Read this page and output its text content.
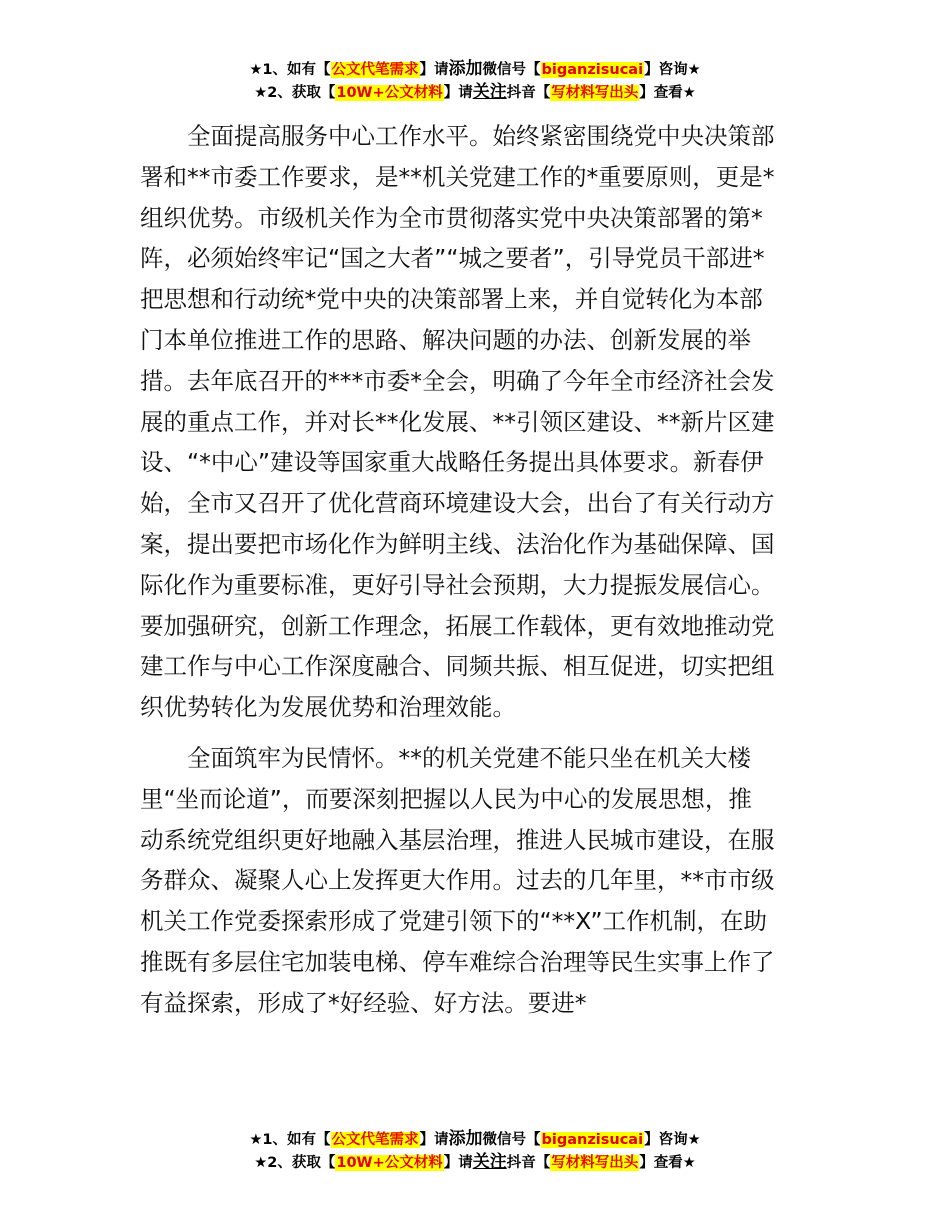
★1、如有【公文代笔需求】请添加微信号【biganzisucai】咨询★
★2、获取【10W+公文材料】请关注抖音【写材料写出头】查看★
全面提高服务中心工作水平。始终紧密围绕党中央决策部
署和**市委工作要求，是**机关党建工作的*重要原则，更是*
组织优势。市级机关作为全市贯彻落实党中央决策部署的第*
阵，必须始终牢记“国之大者”“城之要者”，引导党员干部进*
把思想和行动统*党中央的决策部署上来，并自觉转化为本部
门本单位推进工作的思路、解决问题的办法、创新发展的举
措。去年底召开的***市委*全会，明确了今年全市经济社会发
展的重点工作，并对长**化发展、**引领区建设、**新片区建
设、“*中心”建设等国家重大战略任务提出具体要求。新春伊
始，全市又召开了优化营商环境建设大会，出台了有关行动方
案，提出要把市场化作为鲜明主线、法治化作为基础保障、国
际化作为重要标准，更好引导社会预期，大力提振发展信心。
要加强研究，创新工作理念，拓展工作载体，更有效地推动党
建工作与中心工作深度融合、同频共振、相互促进，切实把组
织优势转化为发展优势和治理效能。
全面筑牢为民情怀。**的机关党建不能只坐在机关大楼
里“坐而论道”，而要深刻把握以人民为中心的发展思想，推
动系统党组织更好地融入基层治理，推进人民城市建设，在服
务群众、凝聚人心上发挥更大作用。过去的几年里，**市市级
机关工作党委探索形成了党建引领下的“**X”工作机制，在助
推既有多层住宅加装电梯、停车难综合治理等民生实事上作了
有益探索，形成了*好经验、好方法。要进*
★1、如有【公文代笔需求】请添加微信号【biganzisucai】咨询★
★2、获取【10W+公文材料】请关注抖音【写材料写出头】查看★
